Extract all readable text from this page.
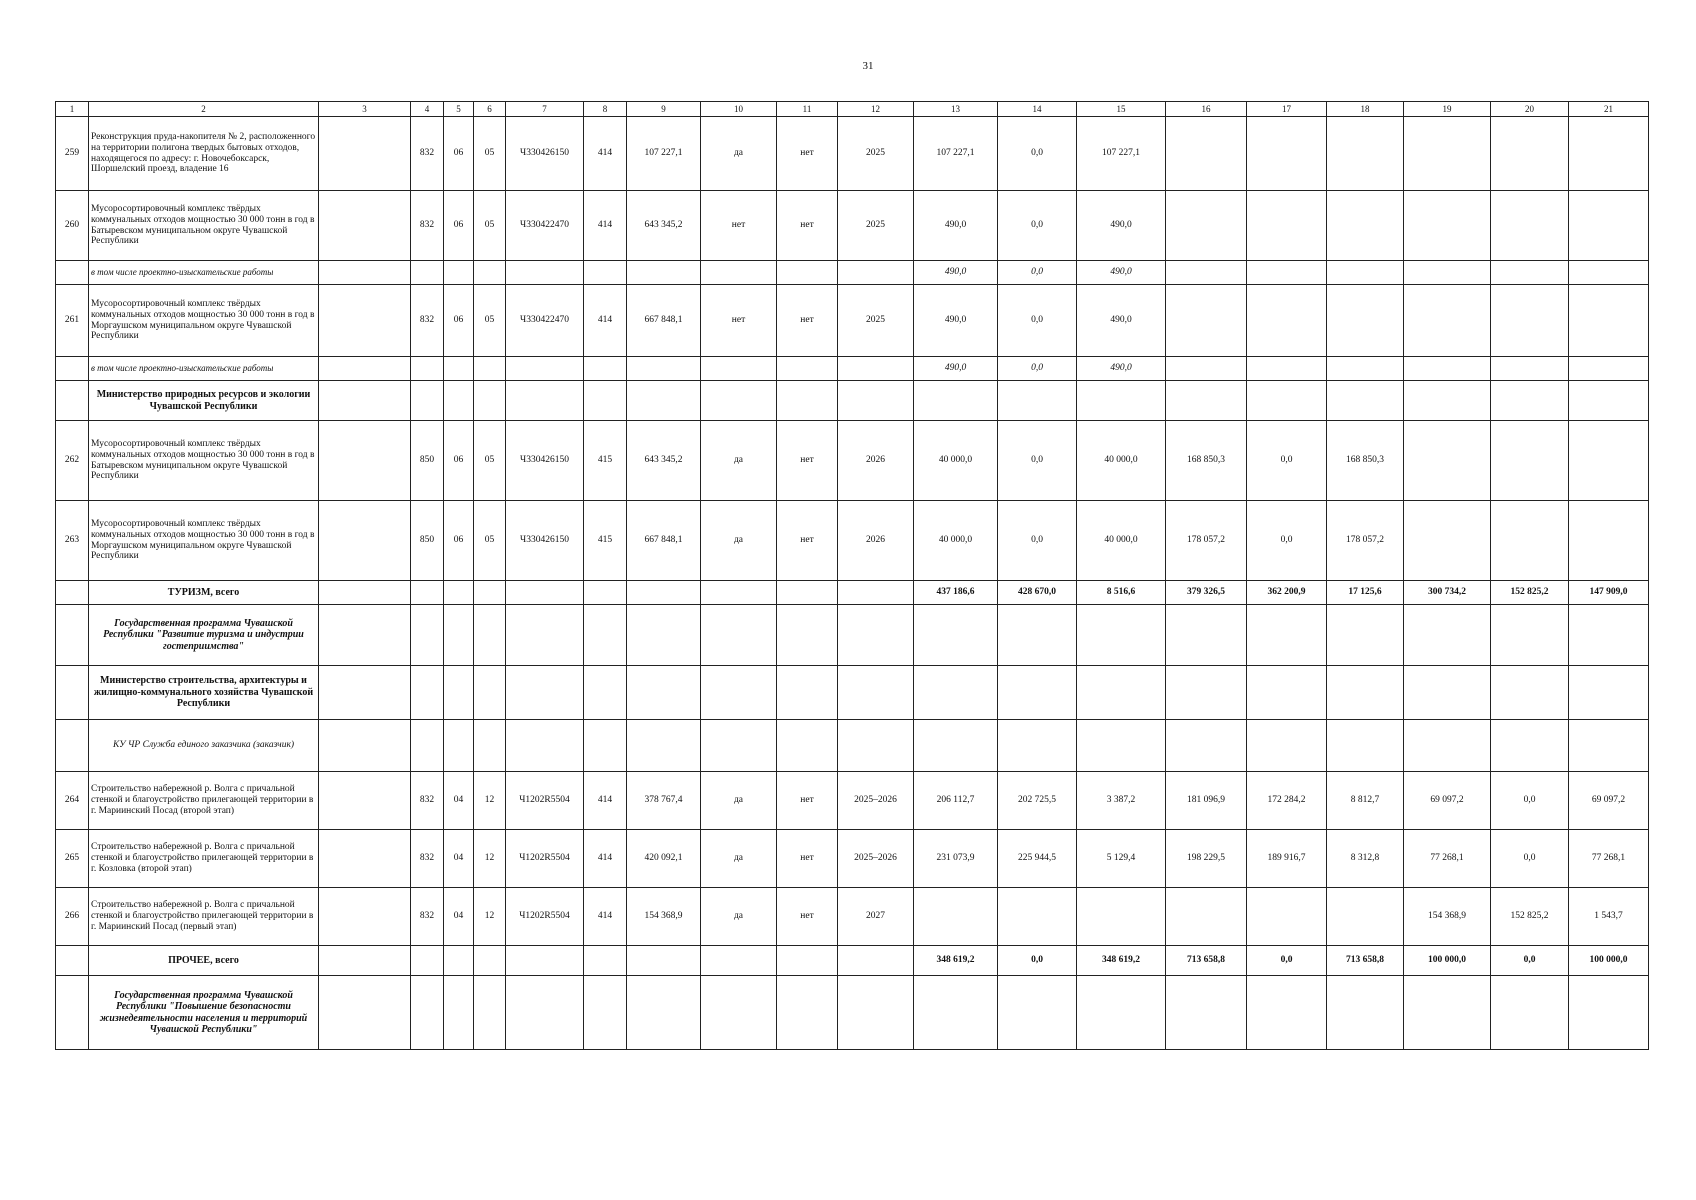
31
1	2	3	4	5	6	7	8	9	10	11	12	13	14	15	16	17	18	19	20	21
259	Реконструкция пруда-накопителя № 2, расположенного на территории полигона твердых бытовых отходов, находящегося по адресу: г. Новочебоксарск, Шоршелский проезд, владение 16		832	06	05	Ч330426150	414	107 227,1	да	нет	2025	107 227,1	0,0	107 227,1						
260	Мусоросортировочный комплекс твёрдых коммунальных отходов мощностью 30 000 тонн в год в Батыревском муниципальном округе Чувашской Республики		832	06	05	Ч330422470	414	643 345,2	нет	нет	2025	490,0	0,0	490,0						
	в том числе проектно-изыскательские работы											490,0	0,0	490,0						
261	Мусоросортировочный комплекс твёрдых коммунальных отходов мощностью 30 000 тонн в год в Моргаушском муниципальном округе Чувашской Республики		832	06	05	Ч330422470	414	667 848,1	нет	нет	2025	490,0	0,0	490,0						
	в том числе проектно-изыскательские работы											490,0	0,0	490,0						
	Министерство природных ресурсов и экологии Чувашской Республики																			
262	Мусоросортировочный комплекс твёрдых коммунальных отходов мощностью 30 000 тонн в год в Батыревском муниципальном округе Чувашской Республики		850	06	05	Ч330426150	415	643 345,2	да	нет	2026	40 000,0	0,0	40 000,0	168 850,3	0,0	168 850,3			
263	Мусоросортировочный комплекс твёрдых коммунальных отходов мощностью 30 000 тонн в год в Моргаушском муниципальном округе Чувашской Республики		850	06	05	Ч330426150	415	667 848,1	да	нет	2026	40 000,0	0,0	40 000,0	178 057,2	0,0	178 057,2			
	ТУРИЗМ, всего											437 186,6	428 670,0	8 516,6	379 326,5	362 200,9	17 125,6	300 734,2	152 825,2	147 909,0
	Государственная программа Чувашской Республики "Развитие туризма и индустрии гостеприимства"																			
	Министерство строительства, архитектуры и жилищно-коммунального хозяйства Чувашской Республики																			
	КУ ЧР Служба единого заказчика (заказчик)																			
264	Строительство набережной р. Волга с причальной стенкой и благоустройство прилегающей территории в г. Мариинский Посад (второй этап)		832	04	12	Ч1202R5504	414	378 767,4	да	нет	2025–2026	206 112,7	202 725,5	3 387,2	181 096,9	172 284,2	8 812,7	69 097,2	0,0	69 097,2
265	Строительство набережной р. Волга с причальной стенкой и благоустройство прилегающей территории в г. Козловка (второй этап)		832	04	12	Ч1202R5504	414	420 092,1	да	нет	2025–2026	231 073,9	225 944,5	5 129,4	198 229,5	189 916,7	8 312,8	77 268,1	0,0	77 268,1
266	Строительство набережной р. Волга с причальной стенкой и благоустройство прилегающей территории в г. Мариинский Посад (первый этап)		832	04	12	Ч1202R5504	414	154 368,9	да	нет	2027							154 368,9	152 825,2	1 543,7
	ПРОЧЕЕ, всего											348 619,2	0,0	348 619,2	713 658,8	0,0	713 658,8	100 000,0	0,0	100 000,0
	Государственная программа Чувашской Республики "Повышение безопасности жизнедеятельности населения и территорий Чувашской Республики"																			
